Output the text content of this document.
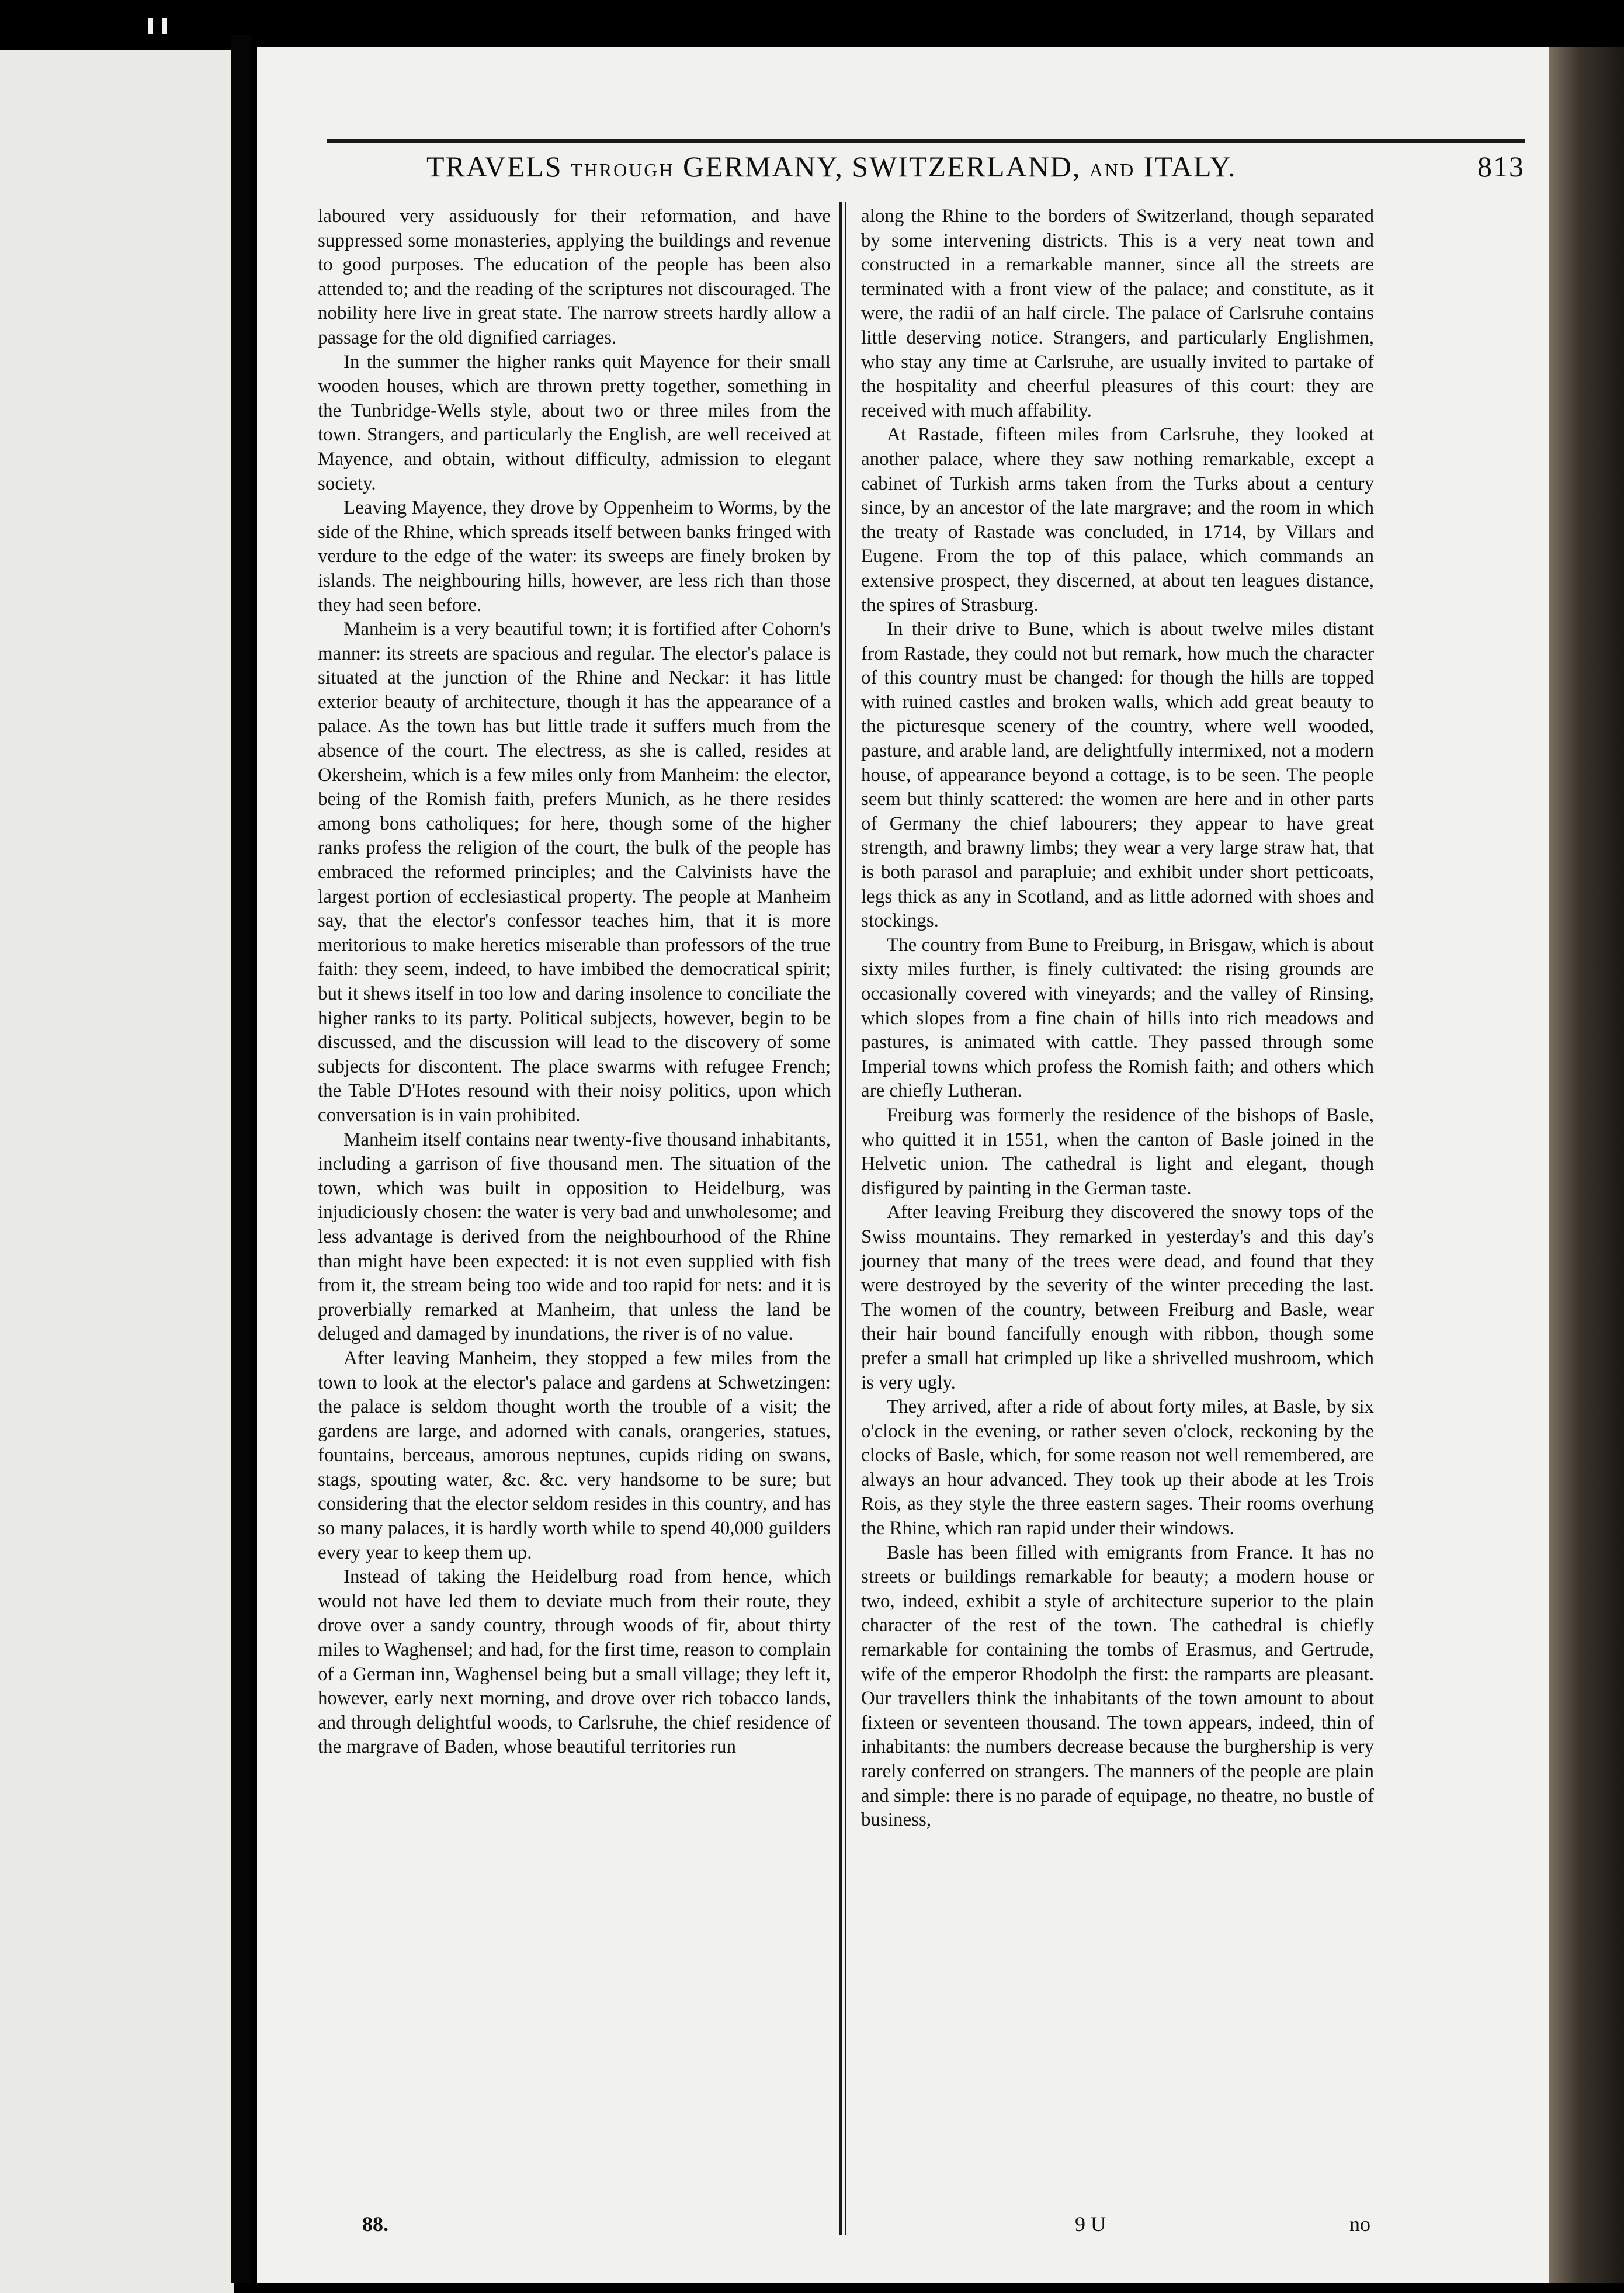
TRAVELS THROUGH GERMANY, SWITZERLAND, AND ITALY.	813

laboured very assiduously for their reformation, and have suppressed some monasteries, applying the buildings and revenue to good purposes. The education of the people has been also attended to; and the reading of the scriptures not discouraged. The nobility here live in great state. The narrow streets hardly allow a passage for the old dignified carriages.

In the summer the higher ranks quit Mayence for their small wooden houses, which are thrown pretty together, something in the Tunbridge-Wells style, about two or three miles from the town. Strangers, and particularly the English, are well received at Mayence, and obtain, without difficulty, admission to elegant society.

Leaving Mayence, they drove by Oppenheim to Worms, by the side of the Rhine, which spreads itself between banks fringed with verdure to the edge of the water: its sweeps are finely broken by islands. The neighbouring hills, however, are less rich than those they had seen before.

Manheim is a very beautiful town; it is fortified after Cohorn's manner: its streets are spacious and regular. The elector's palace is situated at the junction of the Rhine and Neckar: it has little exterior beauty of architecture, though it has the appearance of a palace. As the town has but little trade it suffers much from the absence of the court. The electress, as she is called, resides at Okersheim, which is a few miles only from Manheim: the elector, being of the Romish faith, prefers Munich, as he there resides among bons catholiques; for here, though some of the higher ranks profess the religion of the court, the bulk of the people has embraced the reformed principles; and the Calvinists have the largest portion of ecclesiastical property. The people at Manheim say, that the elector's confessor teaches him, that it is more meritorious to make heretics miserable than professors of the true faith: they seem, indeed, to have imbibed the democratical spirit; but it shews itself in too low and daring insolence to conciliate the higher ranks to its party. Political subjects, however, begin to be discussed, and the discussion will lead to the discovery of some subjects for discontent. The place swarms with refugee French; the Table D'Hotes resound with their noisy politics, upon which conversation is in vain prohibited.

Manheim itself contains near twenty-five thousand inhabitants, including a garrison of five thousand men. The situation of the town, which was built in opposition to Heidelburg, was injudiciously chosen: the water is very bad and unwholesome; and less advantage is derived from the neighbourhood of the Rhine than might have been expected: it is not even supplied with fish from it, the stream being too wide and too rapid for nets: and it is proverbially remarked at Manheim, that unless the land be deluged and damaged by inundations, the river is of no value.

After leaving Manheim, they stopped a few miles from the town to look at the elector's palace and gardens at Schwetzingen: the palace is seldom thought worth the trouble of a visit; the gardens are large, and adorned with canals, orangeries, statues, fountains, berceaus, amorous neptunes, cupids riding on swans, stags, spouting water, &c. &c. very handsome to be sure; but considering that the elector seldom resides in this country, and has so many palaces, it is hardly worth while to spend 40,000 guilders every year to keep them up.

Instead of taking the Heidelburg road from hence, which would not have led them to deviate much from their route, they drove over a sandy country, through woods of fir, about thirty miles to Waghensel; and had, for the first time, reason to complain of a German inn, Waghensel being but a small village; they left it, however, early next morning, and drove over rich tobacco lands, and through delightful woods, to Carlsruhe, the chief residence of the margrave of Baden, whose beautiful territories run

along the Rhine to the borders of Switzerland, though separated by some intervening districts. This is a very neat town and constructed in a remarkable manner, since all the streets are terminated with a front view of the palace; and constitute, as it were, the radii of an half circle. The palace of Carlsruhe contains little deserving notice. Strangers, and particularly Englishmen, who stay any time at Carlsruhe, are usually invited to partake of the hospitality and cheerful pleasures of this court: they are received with much affability.

At Rastade, fifteen miles from Carlsruhe, they looked at another palace, where they saw nothing remarkable, except a cabinet of Turkish arms taken from the Turks about a century since, by an ancestor of the late margrave; and the room in which the treaty of Rastade was concluded, in 1714, by Villars and Eugene. From the top of this palace, which commands an extensive prospect, they discerned, at about ten leagues distance, the spires of Strasburg.

In their drive to Bune, which is about twelve miles distant from Rastade, they could not but remark, how much the character of this country must be changed: for though the hills are topped with ruined castles and broken walls, which add great beauty to the picturesque scenery of the country, where well wooded, pasture, and arable land, are delightfully intermixed, not a modern house, of appearance beyond a cottage, is to be seen. The people seem but thinly scattered: the women are here and in other parts of Germany the chief labourers; they appear to have great strength, and brawny limbs; they wear a very large straw hat, that is both parasol and parapluie; and exhibit under short petticoats, legs thick as any in Scotland, and as little adorned with shoes and stockings.

The country from Bune to Freiburg, in Brisgaw, which is about sixty miles further, is finely cultivated: the rising grounds are occasionally covered with vineyards; and the valley of Rinsing, which slopes from a fine chain of hills into rich meadows and pastures, is animated with cattle. They passed through some Imperial towns which profess the Romish faith; and others which are chiefly Lutheran.

Freiburg was formerly the residence of the bishops of Basle, who quitted it in 1551, when the canton of Basle joined in the Helvetic union. The cathedral is light and elegant, though disfigured by painting in the German taste.

After leaving Freiburg they discovered the snowy tops of the Swiss mountains. They remarked in yesterday's and this day's journey that many of the trees were dead, and found that they were destroyed by the severity of the winter preceding the last. The women of the country, between Freiburg and Basle, wear their hair bound fancifully enough with ribbon, though some prefer a small hat crimpled up like a shrivelled mushroom, which is very ugly.

They arrived, after a ride of about forty miles, at Basle, by six o'clock in the evening, or rather seven o'clock, reckoning by the clocks of Basle, which, for some reason not well remembered, are always an hour advanced. They took up their abode at les Trois Rois, as they style the three eastern sages. Their rooms overhung the Rhine, which ran rapid under their windows.

Basle has been filled with emigrants from France. It has no streets or buildings remarkable for beauty; a modern house or two, indeed, exhibit a style of architecture superior to the plain character of the rest of the town. The cathedral is chiefly remarkable for containing the tombs of Erasmus, and Gertrude, wife of the emperor Rhodolph the first: the ramparts are pleasant. Our travellers think the inhabitants of the town amount to about fixteen or seventeen thousand. The town appears, indeed, thin of inhabitants: the numbers decrease because the burghership is very rarely conferred on strangers. The manners of the people are plain and simple: there is no parade of equipage, no theatre, no bustle of business,

88.	9 U	no
